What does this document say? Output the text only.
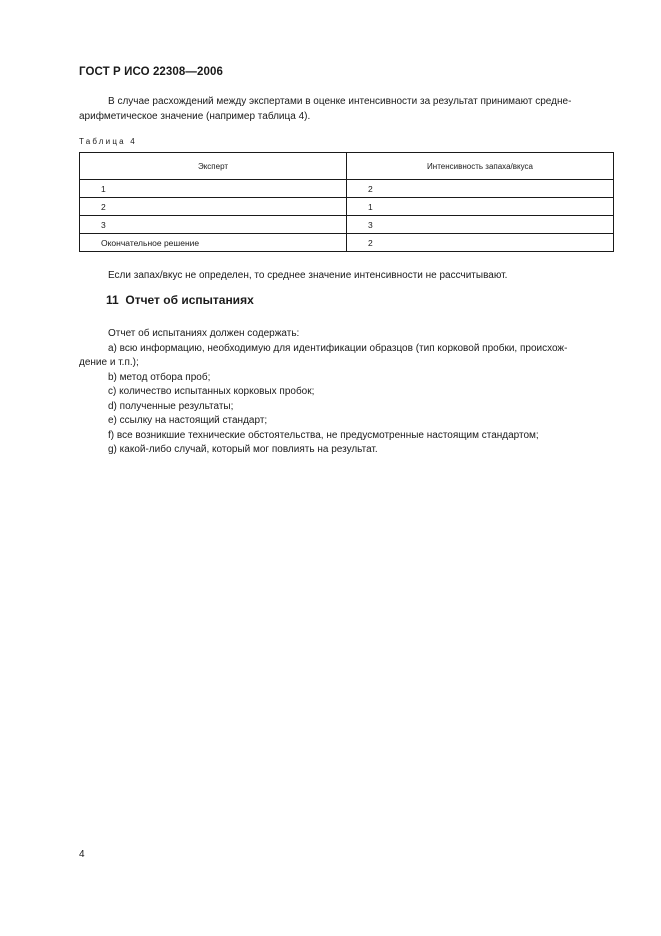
ГОСТ Р ИСО 22308—2006
В случае расхождений между экспертами в оценке интенсивности за результат принимают средне-арифметическое значение (например таблица 4).
Таблица 4
Эксперт	Интенсивность запаха/вкуса
1	2
2	1
3	3
Окончательное решение	2
Если запах/вкус не определен, то среднее значение интенсивности не рассчитывают.
11 Отчет об испытаниях
Отчет об испытаниях должен содержать:
a) всю информацию, необходимую для идентификации образцов (тип корковой пробки, происхож-
дение и т.п.);
b) метод отбора проб;
c) количество испытанных корковых пробок;
d) полученные результаты;
e) ссылку на настоящий стандарт;
f) все возникшие технические обстоятельства, не предусмотренные настоящим стандартом;
g) какой-либо случай, который мог повлиять на результат.
4
